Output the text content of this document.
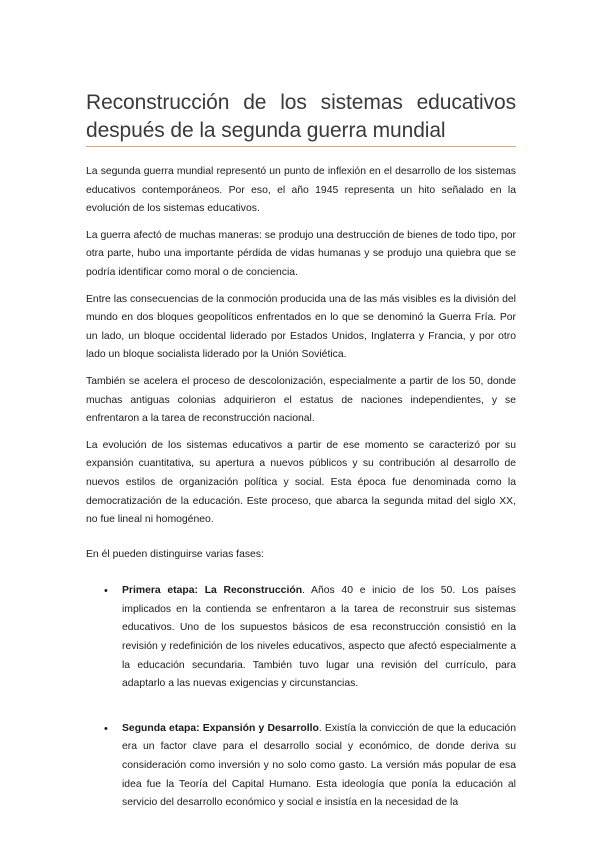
Reconstrucción de los sistemas educativos después de la segunda guerra mundial

La segunda guerra mundial representó un punto de inflexión en el desarrollo de los sistemas educativos contemporáneos. Por eso, el año 1945 representa un hito señalado en la evolución de los sistemas educativos.

La guerra afectó de muchas maneras: se produjo una destrucción de bienes de todo tipo, por otra parte, hubo una importante pérdida de vidas humanas y se produjo una quiebra que se podría identificar como moral o de conciencia.

Entre las consecuencias de la conmoción producida una de las más visibles es la división del mundo en dos bloques geopolíticos enfrentados en lo que se denominó la Guerra Fría. Por un lado, un bloque occidental liderado por Estados Unidos, Inglaterra y Francia, y por otro lado un bloque socialista liderado por la Unión Soviética.

También se acelera el proceso de descolonización, especialmente a partir de los 50, donde muchas antiguas colonias adquirieron el estatus de naciones independientes, y se enfrentaron a la tarea de reconstrucción nacional.

La evolución de los sistemas educativos a partir de ese momento se caracterizó por su expansión cuantitativa, su apertura a nuevos públicos y su contribución al desarrollo de nuevos estilos de organización política y social. Esta época fue denominada como la democratización de la educación. Este proceso, que abarca la segunda mitad del siglo XX, no fue lineal ni homogéneo.

En él pueden distinguirse varias fases:

• Primera etapa: La Reconstrucción. Años 40 e inicio de los 50. Los países implicados en la contienda se enfrentaron a la tarea de reconstruir sus sistemas educativos. Uno de los supuestos básicos de esa reconstrucción consistió en la revisión y redefinición de los niveles educativos, aspecto que afectó especialmente a la educación secundaria. También tuvo lugar una revisión del currículo, para adaptarlo a las nuevas exigencias y circunstancias.
• Segunda etapa: Expansión y Desarrollo. Existía la convicción de que la educación era un factor clave para el desarrollo social y económico, de donde deriva su consideración como inversión y no solo como gasto. La versión más popular de esa idea fue la Teoría del Capital Humano. Esta ideología que ponía la educación al servicio del desarrollo económico y social e insistía en la necesidad de la
